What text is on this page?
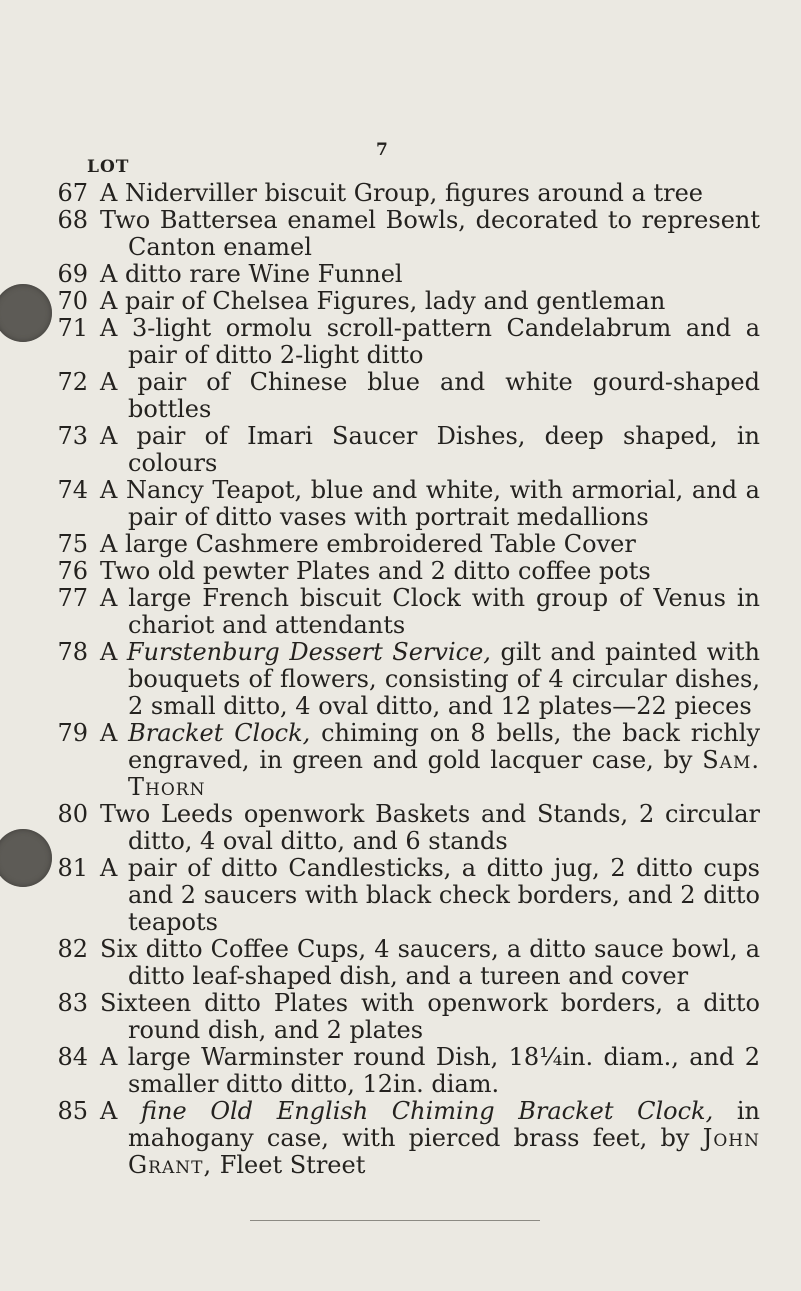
7
LOT
67 A Niderviller biscuit Group, figures around a tree
68 Two Battersea enamel Bowls, decorated to represent Canton enamel
69 A ditto rare Wine Funnel
70 A pair of Chelsea Figures, lady and gentleman
71 A 3-light ormolu scroll-pattern Candelabrum and a pair of ditto 2-light ditto
72 A pair of Chinese blue and white gourd-shaped bottles
73 A pair of Imari Saucer Dishes, deep shaped, in colours
74 A Nancy Teapot, blue and white, with armorial, and a pair of ditto vases with portrait medallions
75 A large Cashmere embroidered Table Cover
76 Two old pewter Plates and 2 ditto coffee pots
77 A large French biscuit Clock with group of Venus in chariot and attendants
78 A Furstenburg Dessert Service, gilt and painted with bouquets of flowers, consisting of 4 circular dishes, 2 small ditto, 4 oval ditto, and 12 plates—22 pieces
79 A Bracket Clock, chiming on 8 bells, the back richly engraved, in green and gold lacquer case, by Sam. Thorn
80 Two Leeds openwork Baskets and Stands, 2 circular ditto, 4 oval ditto, and 6 stands
81 A pair of ditto Candlesticks, a ditto jug, 2 ditto cups and 2 saucers with black check borders, and 2 ditto teapots
82 Six ditto Coffee Cups, 4 saucers, a ditto sauce bowl, a ditto leaf-shaped dish, and a tureen and cover
83 Sixteen ditto Plates with openwork borders, a ditto round dish, and 2 plates
84 A large Warminster round Dish, 18¼in. diam., and 2 smaller ditto ditto, 12in. diam.
85 A fine Old English Chiming Bracket Clock, in mahogany case, with pierced brass feet, by John Grant, Fleet Street
